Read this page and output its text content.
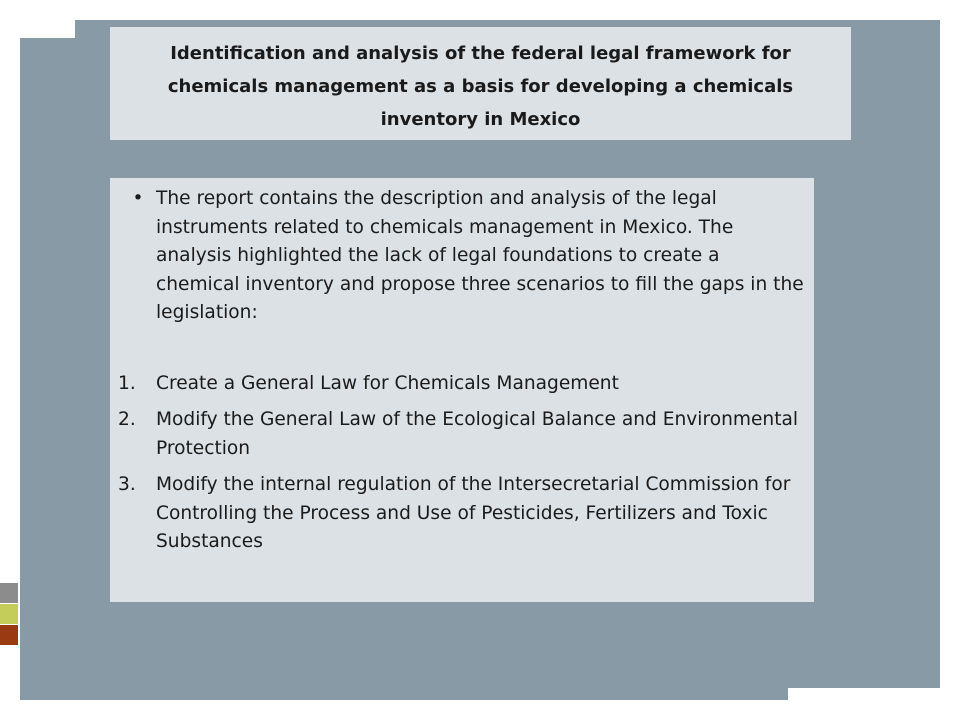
Identification and analysis of the federal legal framework for chemicals management as a basis for developing a chemicals inventory in Mexico

• The report contains the description and analysis of the legal instruments related to chemicals management in Mexico. The analysis highlighted the lack of legal foundations to create a chemical inventory and propose three scenarios to fill the gaps in the legislation:
1.	Create a General Law for Chemicals Management
2.	Modify the General Law of the Ecological Balance and Environmental Protection
3.	Modify the internal regulation of the Intersecretarial Commission for Controlling the Process and Use of Pesticides, Fertilizers and Toxic Substances
